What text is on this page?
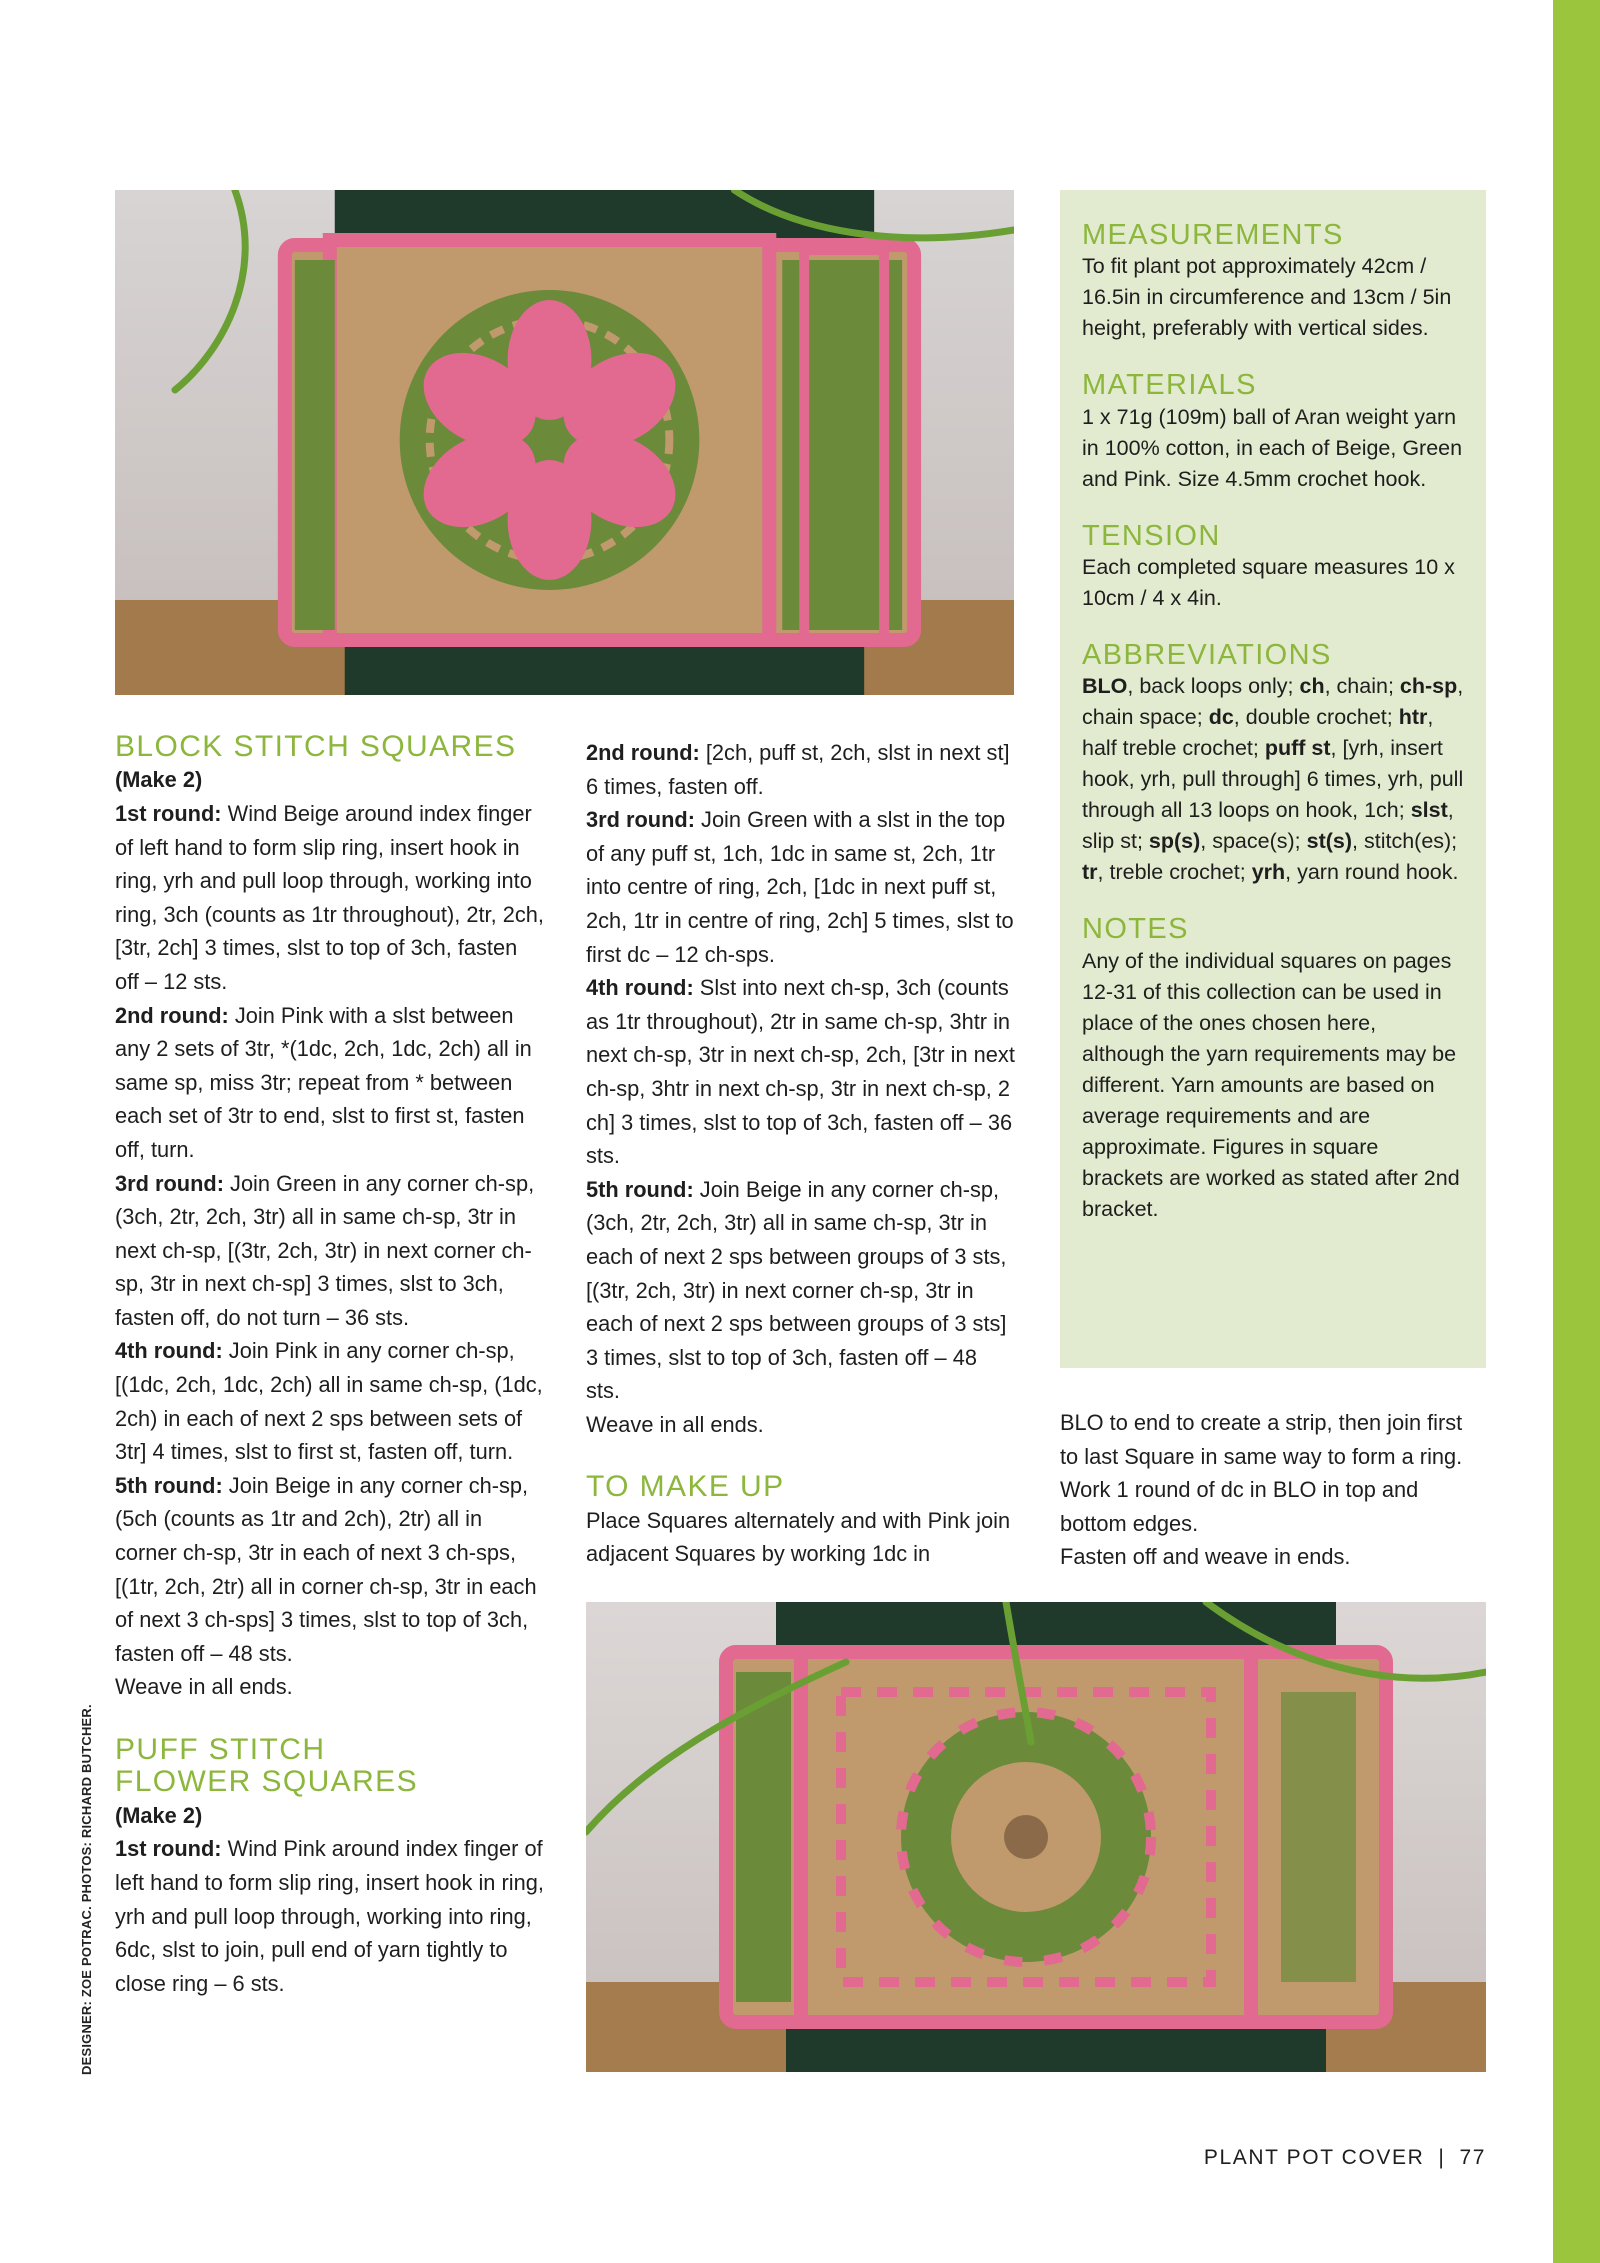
MEASUREMENTS

To fit plant pot approximately 42cm / 16.5in in circumference and 13cm / 5in height, preferably with vertical sides.

MATERIALS

1 x 71g (109m) ball of Aran weight yarn in 100% cotton, in each of Beige, Green and Pink. Size 4.5mm crochet hook.

TENSION

Each completed square measures 10 x 10cm / 4 x 4in.

ABBREVIATIONS

BLO, back loops only; ch, chain; ch-sp, chain space; dc, double crochet; htr, half treble crochet; puff st, [yrh, insert hook, yrh, pull through] 6 times, yrh, pull through all 13 loops on hook, 1ch; slst, slip st; sp(s), space(s); st(s), stitch(es); tr, treble crochet; yrh, yarn round hook.

NOTES

Any of the individual squares on pages 12-31 of this collection can be used in place of the ones chosen here, although the yarn requirements may be different. Yarn amounts are based on average requirements and are approximate. Figures in square brackets are worked as stated after 2nd bracket.

BLOCK STITCH SQUARES

(Make 2)

1st round: Wind Beige around index finger of left hand to form slip ring, insert hook in ring, yrh and pull loop through, working into ring, 3ch (counts as 1tr throughout), 2tr, 2ch, [3tr, 2ch] 3 times, slst to top of 3ch, fasten off – 12 sts.

2nd round: Join Pink with a slst between any 2 sets of 3tr, *(1dc, 2ch, 1dc, 2ch) all in same sp, miss 3tr; repeat from * between each set of 3tr to end, slst to first st, fasten off, turn.

3rd round: Join Green in any corner ch-sp, (3ch, 2tr, 2ch, 3tr) all in same ch-sp, 3tr in next ch-sp, [(3tr, 2ch, 3tr) in next corner ch-sp, 3tr in next ch-sp] 3 times, slst to 3ch, fasten off, do not turn – 36 sts.

4th round: Join Pink in any corner ch-sp, [(1dc, 2ch, 1dc, 2ch) all in same ch-sp, (1dc, 2ch) in each of next 2 sps between sets of 3tr] 4 times, slst to first st, fasten off, turn.

5th round: Join Beige in any corner ch-sp, (5ch (counts as 1tr and 2ch), 2tr) all in corner ch-sp, 3tr in each of next 3 ch-sps, [(1tr, 2ch, 2tr) all in corner ch-sp, 3tr in each of next 3 ch-sps] 3 times, slst to top of 3ch, fasten off – 48 sts.

Weave in all ends.

PUFF STITCH
FLOWER SQUARES

(Make 2)

1st round: Wind Pink around index finger of left hand to form slip ring, insert hook in ring, yrh and pull loop through, working into ring, 6dc, slst to join, pull end of yarn tightly to close ring – 6 sts.

2nd round: [2ch, puff st, 2ch, slst in next st] 6 times, fasten off.

3rd round: Join Green with a slst in the top of any puff st, 1ch, 1dc in same st, 2ch, 1tr into centre of ring, 2ch, [1dc in next puff st, 2ch, 1tr in centre of ring, 2ch] 5 times, slst to first dc – 12 ch-sps.

4th round: Slst into next ch-sp, 3ch (counts as 1tr throughout), 2tr in same ch-sp, 3htr in next ch-sp, 3tr in next ch-sp, 2ch, [3tr in next ch-sp, 3htr in next ch-sp, 3tr in next ch-sp, 2 ch] 3 times, slst to top of 3ch, fasten off – 36 sts.

5th round: Join Beige in any corner ch-sp, (3ch, 2tr, 2ch, 3tr) all in same ch-sp, 3tr in each of next 2 sps between groups of 3 sts, [(3tr, 2ch, 3tr) in next corner ch-sp, 3tr in each of next 2 sps between groups of 3 sts] 3 times, slst to top of 3ch, fasten off – 48 sts.

Weave in all ends.

TO MAKE UP

Place Squares alternately and with Pink join adjacent Squares by working 1dc in

BLO to end to create a strip, then join first to last Square in same way to form a ring. Work 1 round of dc in BLO in top and bottom edges.

Fasten off and weave in ends.

DESIGNER: ZOE POTRAC. PHOTOS: RICHARD BUTCHER.
PLANT POT COVER | 77
